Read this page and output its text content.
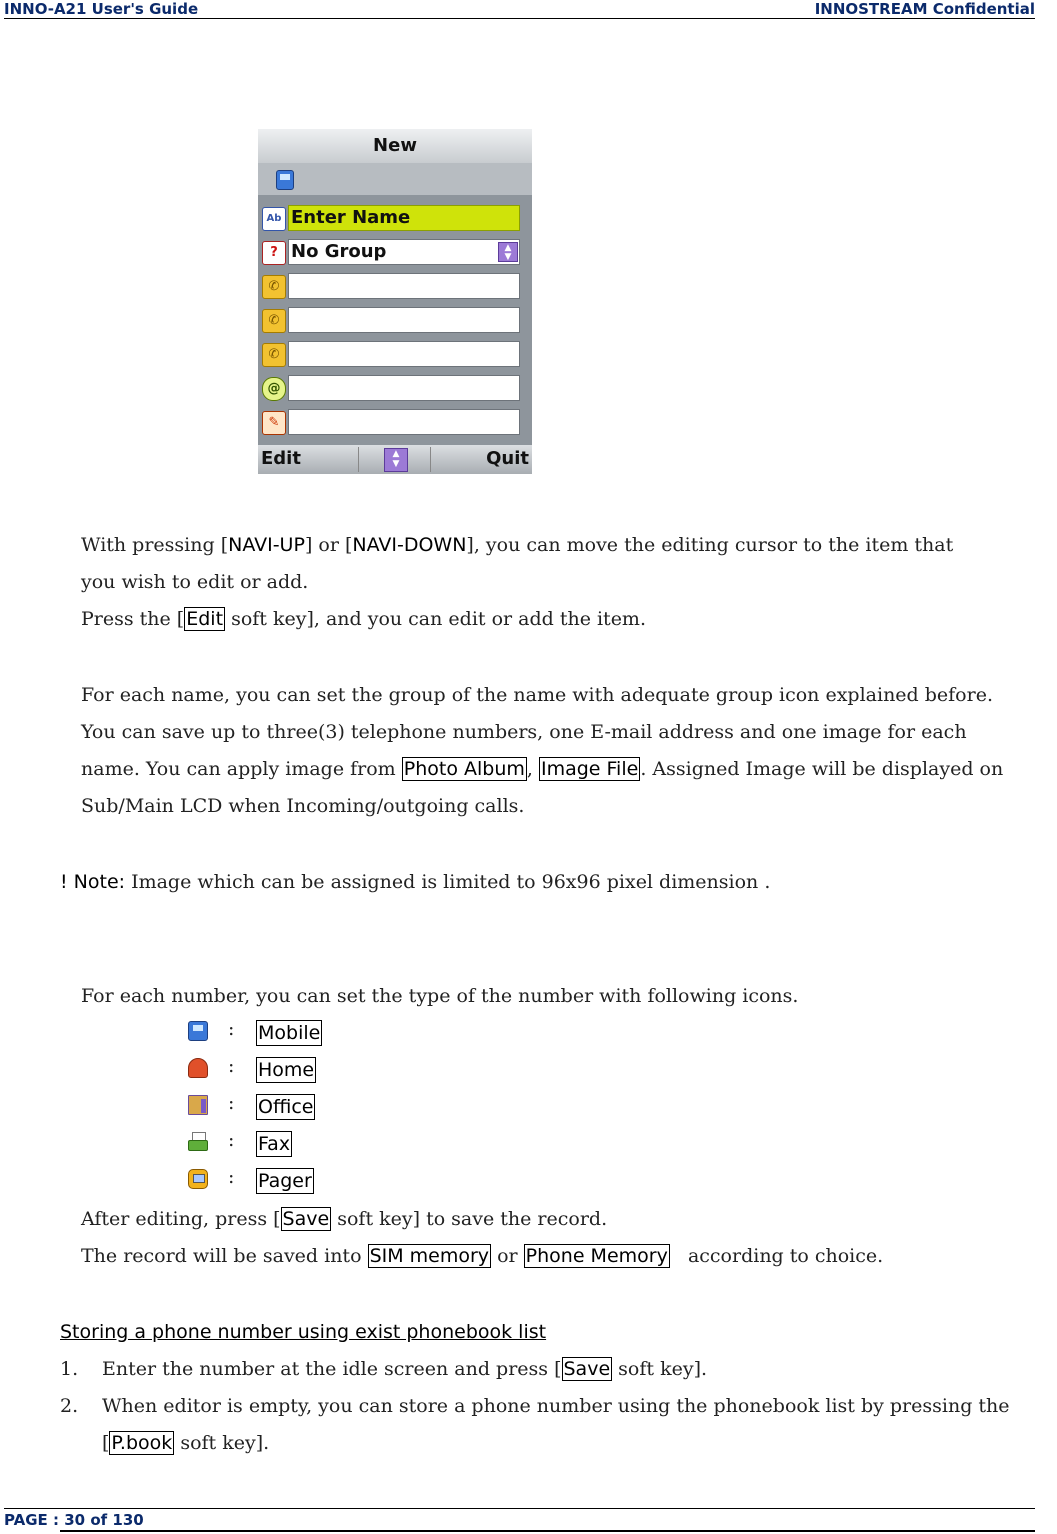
INNO-A21 User's Guide	INNOSTREAM Confidential
New
Ab Enter Name
? No Group	▲
▼
✆
✆
✆
@
✎
Edit	▲
▼	Quit
With pressing [NAVI-UP] or [NAVI-DOWN], you can move the editing cursor to the item that
you wish to edit or add.
Press the [ Edit soft key], and you can edit or add the item.
For each name, you can set the group of the name with adequate group icon explained before.
You can save up to three(3) telephone numbers, one E-mail address and one image for each
name. You can apply image from Photo Album , Image File . Assigned Image will be displayed on
Sub/Main LCD when Incoming/outgoing calls.
! Note: Image which can be assigned is limited to 96x96 pixel dimension .
For each number, you can set the type of the number with following icons.
: Mobile
: Home
: Office
: Fax
: Pager
After editing, press [ Save soft key] to save the record.
The record will be saved into SIM memory or Phone Memory   according to choice.
Storing a phone number using exist phonebook list
1. Enter the number at the idle screen and press [ Save soft key].
2. When editor is empty, you can store a phone number using the phonebook list by pressing the
[ P.book soft key].
PAGE : 30 of 130
